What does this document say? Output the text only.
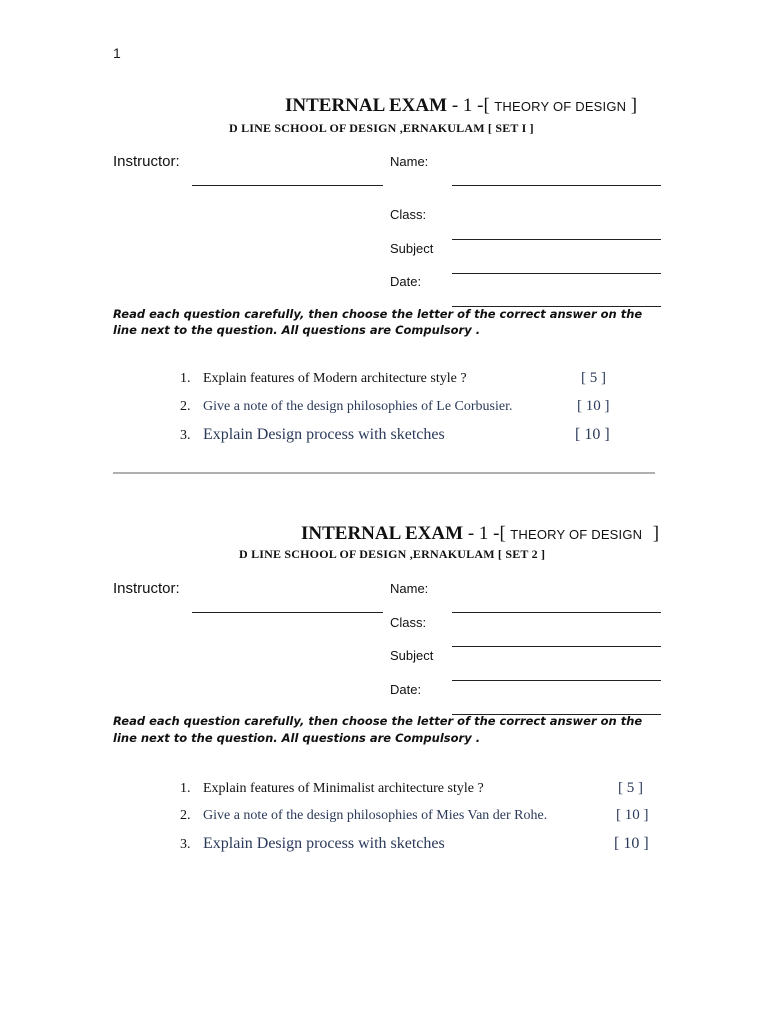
1
INTERNAL EXAM - 1 -[ THEORY OF DESIGN ]
D LINE SCHOOL OF DESIGN ,ERNAKULAM [ SET I ]
Instructor:	Name:
Class:
Subject
Date:
Read each question carefully, then choose the letter of the correct answer on the line next to the question. All questions are Compulsory .
1. Explain features of Modern architecture style ?	[ 5 ]
2. Give a note of the design philosophies of Le Corbusier.	[ 10 ]
3. Explain Design process with sketches	[ 10 ]
INTERNAL EXAM - 1 -[ THEORY OF DESIGN ]
D LINE SCHOOL OF DESIGN ,ERNAKULAM [ SET 2 ]
Instructor:	Name:
Class:
Subject
Date:
Read each question carefully, then choose the letter of the correct answer on the line next to the question. All questions are Compulsory .
1. Explain features of Minimalist architecture style ?	[ 5 ]
2. Give a note of the design philosophies of Mies Van der Rohe.	[ 10 ]
3. Explain Design process with sketches	[ 10 ]
